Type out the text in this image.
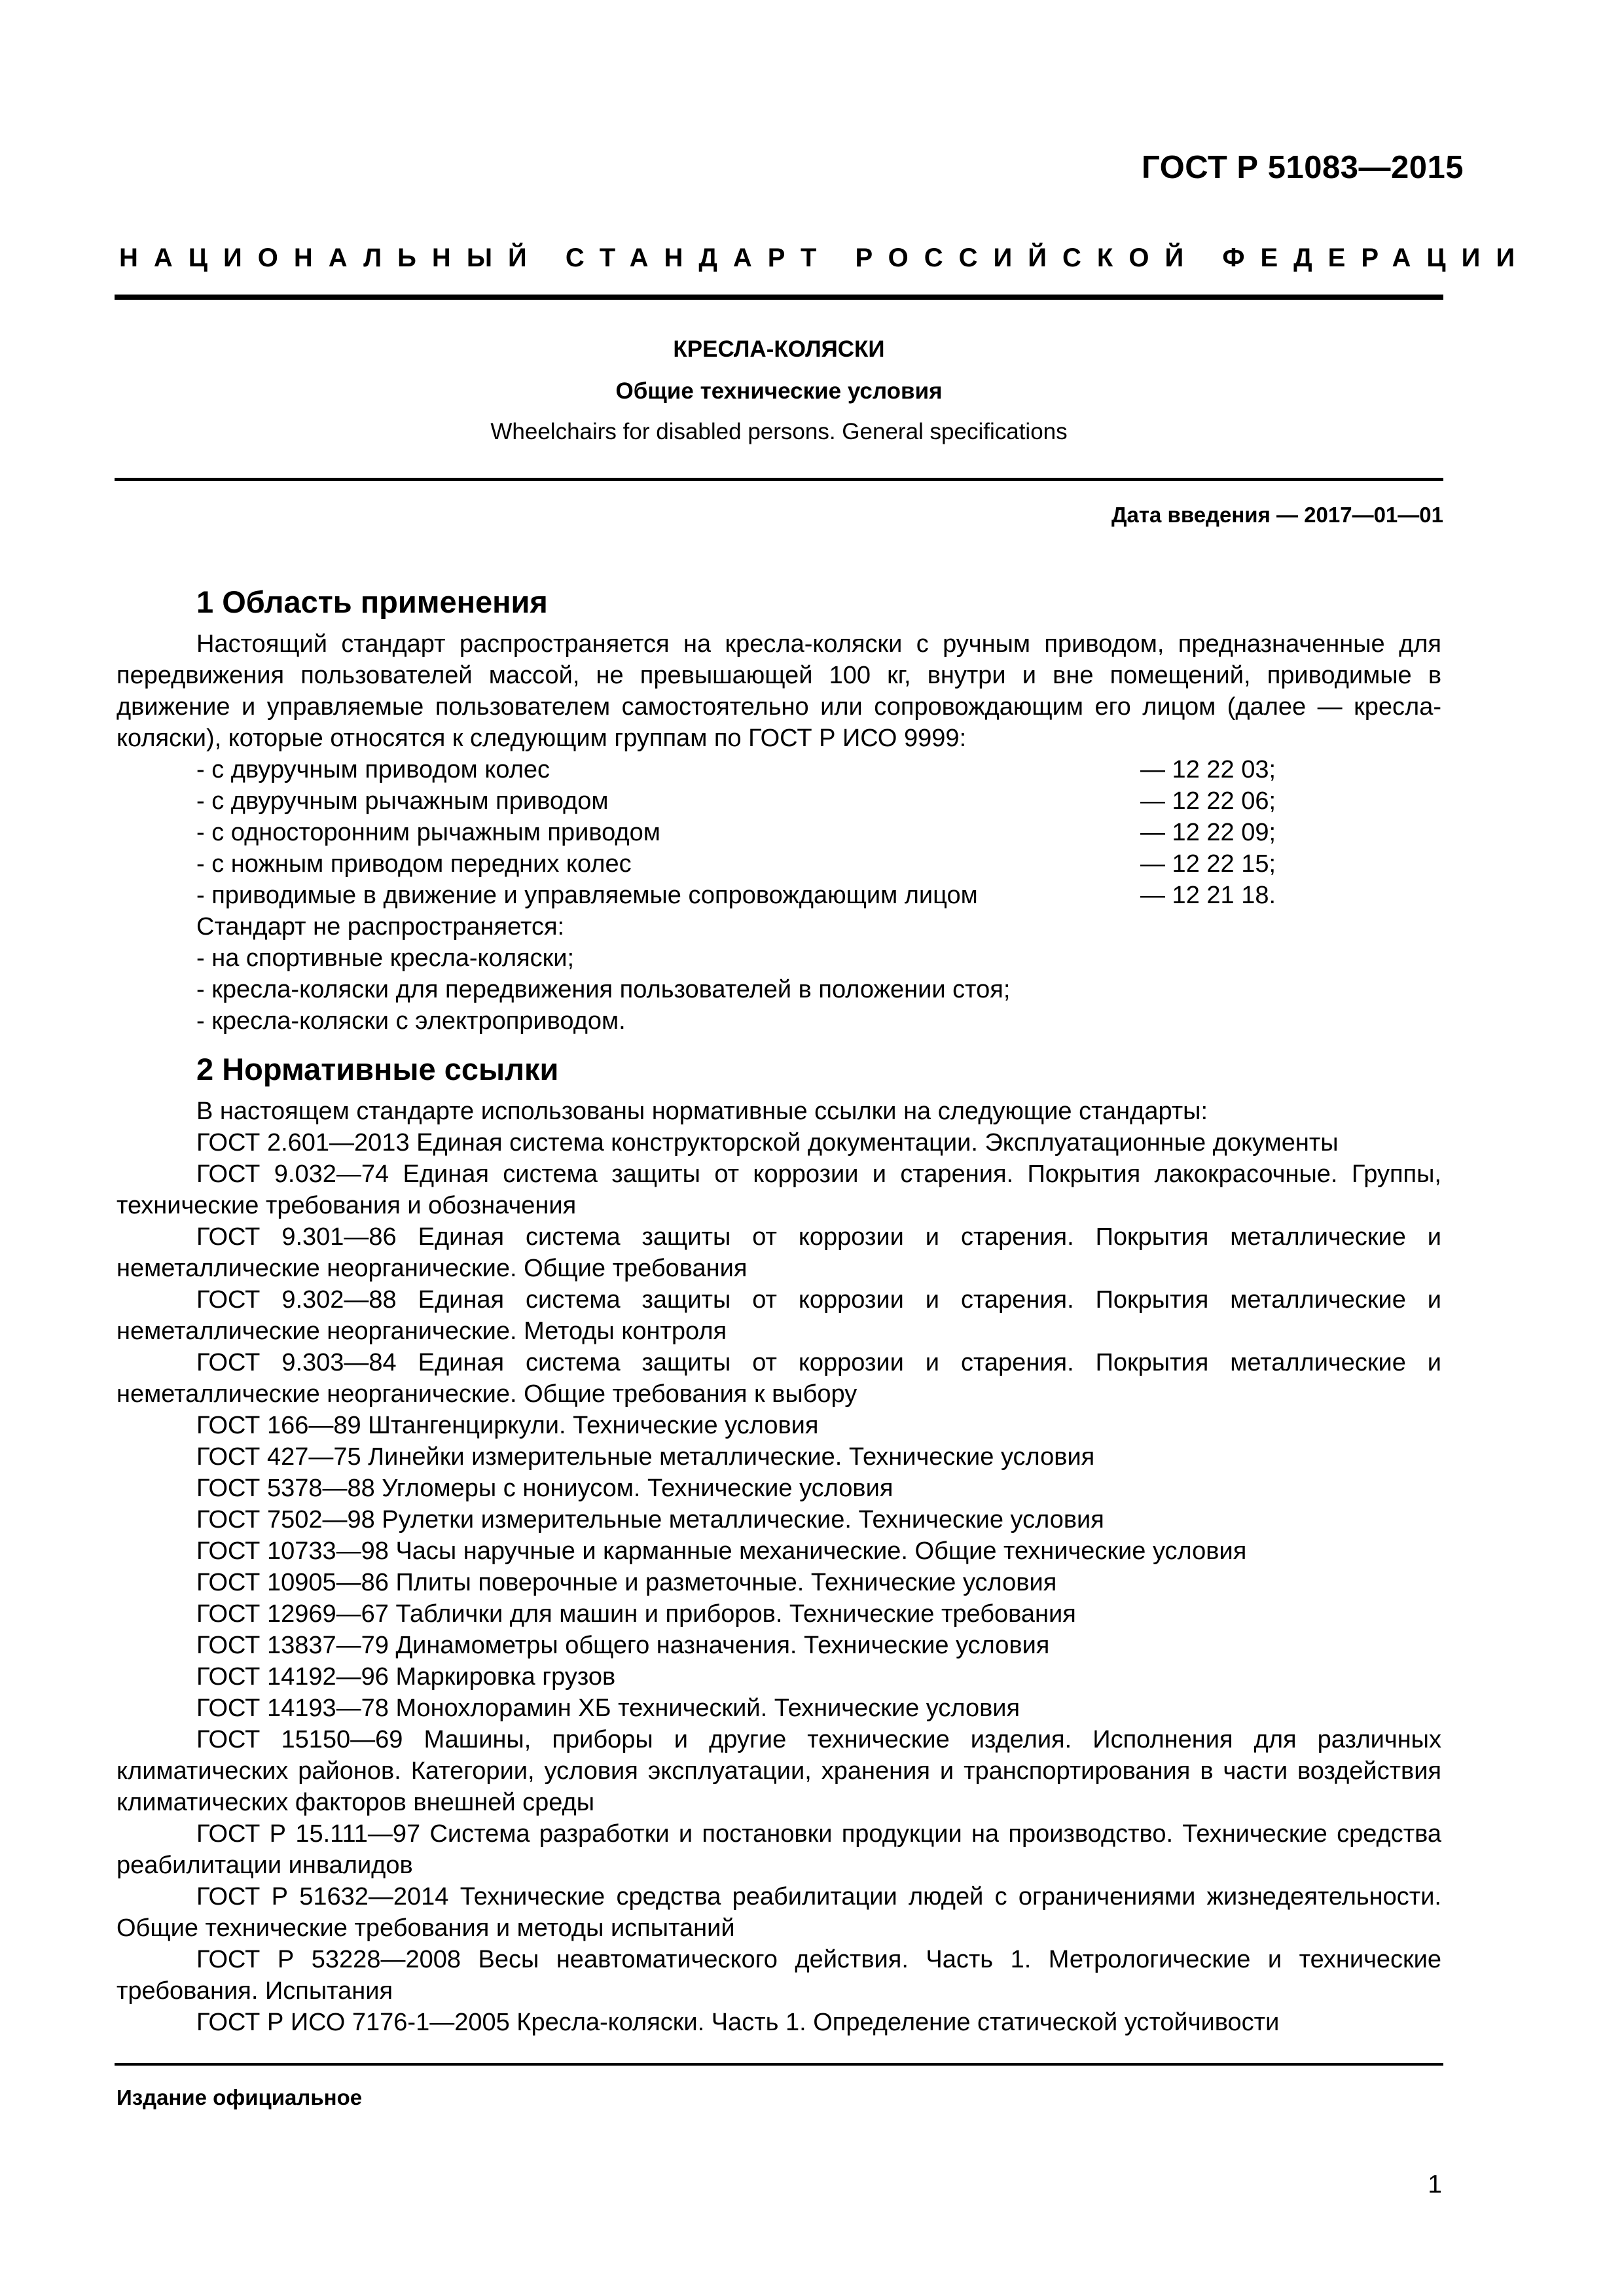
ГОСТ Р 51083—2015
НАЦИОНАЛЬНЫЙ СТАНДАРТ РОССИЙСКОЙ ФЕДЕРАЦИИ
КРЕСЛА-КОЛЯСКИ
Общие технические условия
Wheelchairs for disabled persons. General specifications
Дата введения — 2017—01—01
1 Область применения

Настоящий стандарт распространяется на кресла-коляски с ручным приводом, предназначенные для передвижения пользователей массой, не превышающей 100 кг, внутри и вне помещений, приводимые в движение и управляемые пользователем самостоятельно или сопровождающим его лицом (далее — кресла-коляски), которые относятся к следующим группам по ГОСТ Р ИСО 9999:

- с двуручным приводом колес	— 12 22 03;
- с двуручным рычажным приводом	— 12 22 06;
- с односторонним рычажным приводом	— 12 22 09;
- с ножным приводом передних колес	— 12 22 15;
- приводимые в движение и управляемые сопровождающим лицом	— 12 21 18.
Стандарт не распространяется:
- на спортивные кресла-коляски;
- кресла-коляски для передвижения пользователей в положении стоя;
- кресла-коляски с электроприводом.
2 Нормативные ссылки
В настоящем стандарте использованы нормативные ссылки на следующие стандарты:

ГОСТ 2.601—2013 Единая система конструкторской документации. Эксплуатационные документы

ГОСТ 9.032—74 Единая система защиты от коррозии и старения. Покрытия лакокрасочные. Группы, технические требования и обозначения

ГОСТ 9.301—86 Единая система защиты от коррозии и старения. Покрытия металлические и неметаллические неорганические. Общие требования

ГОСТ 9.302—88 Единая система защиты от коррозии и старения. Покрытия металлические и неметаллические неорганические. Методы контроля

ГОСТ 9.303—84 Единая система защиты от коррозии и старения. Покрытия металлические и неметаллические неорганические. Общие требования к выбору

ГОСТ 166—89 Штангенциркули. Технические условия

ГОСТ 427—75 Линейки измерительные металлические. Технические условия

ГОСТ 5378—88 Угломеры с нониусом. Технические условия

ГОСТ 7502—98 Рулетки измерительные металлические. Технические условия

ГОСТ 10733—98 Часы наручные и карманные механические. Общие технические условия

ГОСТ 10905—86 Плиты поверочные и разметочные. Технические условия

ГОСТ 12969—67 Таблички для машин и приборов. Технические требования

ГОСТ 13837—79 Динамометры общего назначения. Технические условия

ГОСТ 14192—96 Маркировка грузов

ГОСТ 14193—78 Монохлорамин ХБ технический. Технические условия

ГОСТ 15150—69 Машины, приборы и другие технические изделия. Исполнения для различных климатических районов. Категории, условия эксплуатации, хранения и транспортирования в части воздействия климатических факторов внешней среды

ГОСТ Р 15.111—97 Система разработки и постановки продукции на производство. Технические средства реабилитации инвалидов

ГОСТ Р 51632—2014 Технические средства реабилитации людей с ограничениями жизнедеятельности. Общие технические требования и методы испытаний

ГОСТ Р 53228—2008 Весы неавтоматического действия. Часть 1. Метрологические и технические требования. Испытания

ГОСТ Р ИСО 7176-1—2005 Кресла-коляски. Часть 1. Определение статической устойчивости

Издание официальное
1
